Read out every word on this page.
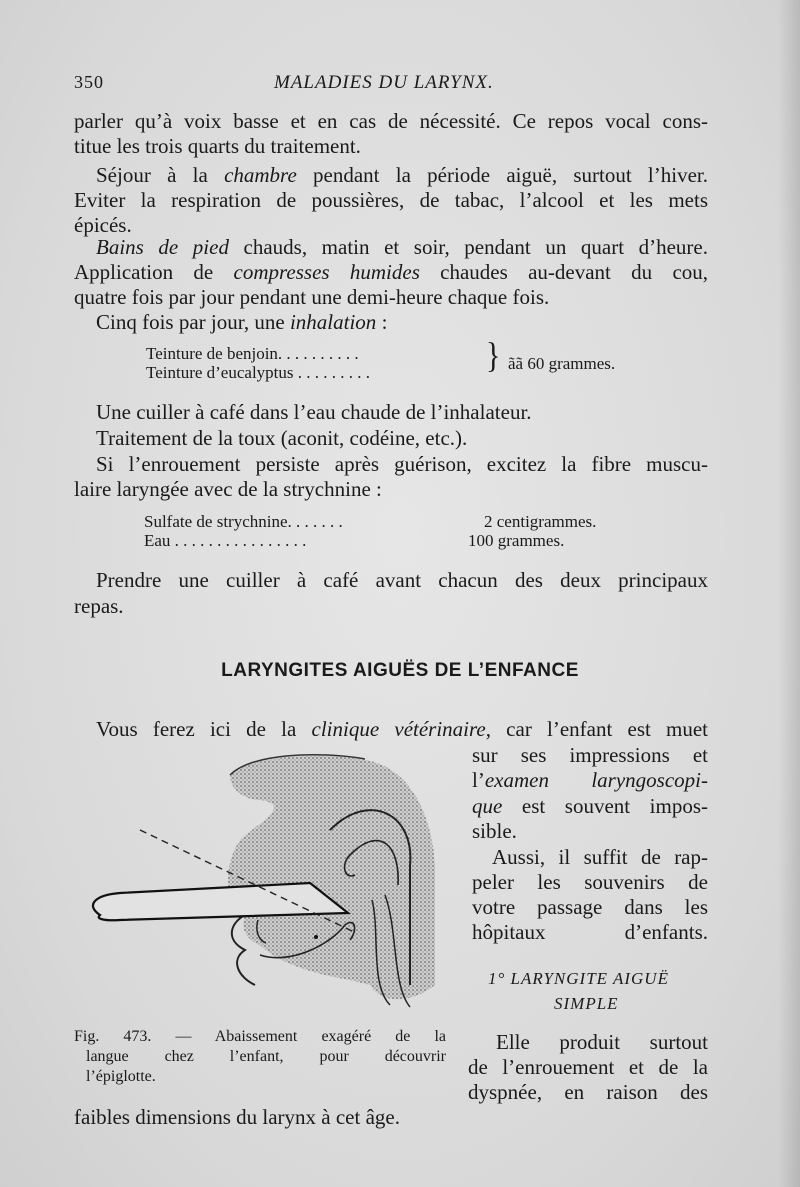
350	MALADIES DU LARYNX.
parler qu’à voix basse et en cas de nécessité. Ce repos vocal cons-
titue les trois quarts du traitement.
Séjour à la chambre pendant la période aiguë, surtout l’hiver.
Eviter la respiration de poussières, de tabac, l’alcool et les mets
épicés.
Bains de pied chauds, matin et soir, pendant un quart d’heure.
Application de compresses humides chaudes au-devant du cou,
quatre fois par jour pendant une demi-heure chaque fois.
Cinq fois par jour, une inhalation :
Teinture de benjoin. . . . . . . . . .
Teinture d’eucalyptus . . . . . . . . .	} ãã 60 grammes.
Une cuiller à café dans l’eau chaude de l’inhalateur.
Traitement de la toux (aconit, codéine, etc.).
Si l’enrouement persiste après guérison, excitez la fibre muscu-
laire laryngée avec de la strychnine :
Sulfate de strychnine. . . . . . .	2 centigrammes.
Eau . . . . . . . . . . . . . . . .	100 grammes.
Prendre une cuiller à café avant chacun des deux principaux
repas.
LARYNGITES AIGUËS DE L’ENFANCE
Vous ferez ici de la clinique vétérinaire, car l’enfant est muet
sur ses impressions et
l’examen laryngoscopi-
que est souvent impos-
sible.
Aussi, il suffit de rap-
peler les souvenirs de
votre passage dans les
hôpitaux d’enfants.
1° LARYNGITE AIGUË
SIMPLE
Elle produit surtout
de l’enrouement et de la
dyspnée, en raison des
faibles dimensions du larynx à cet âge.
Fig. 473. — Abaissement exagéré de la
langue chez l’enfant, pour découvrir
l’épiglotte.
